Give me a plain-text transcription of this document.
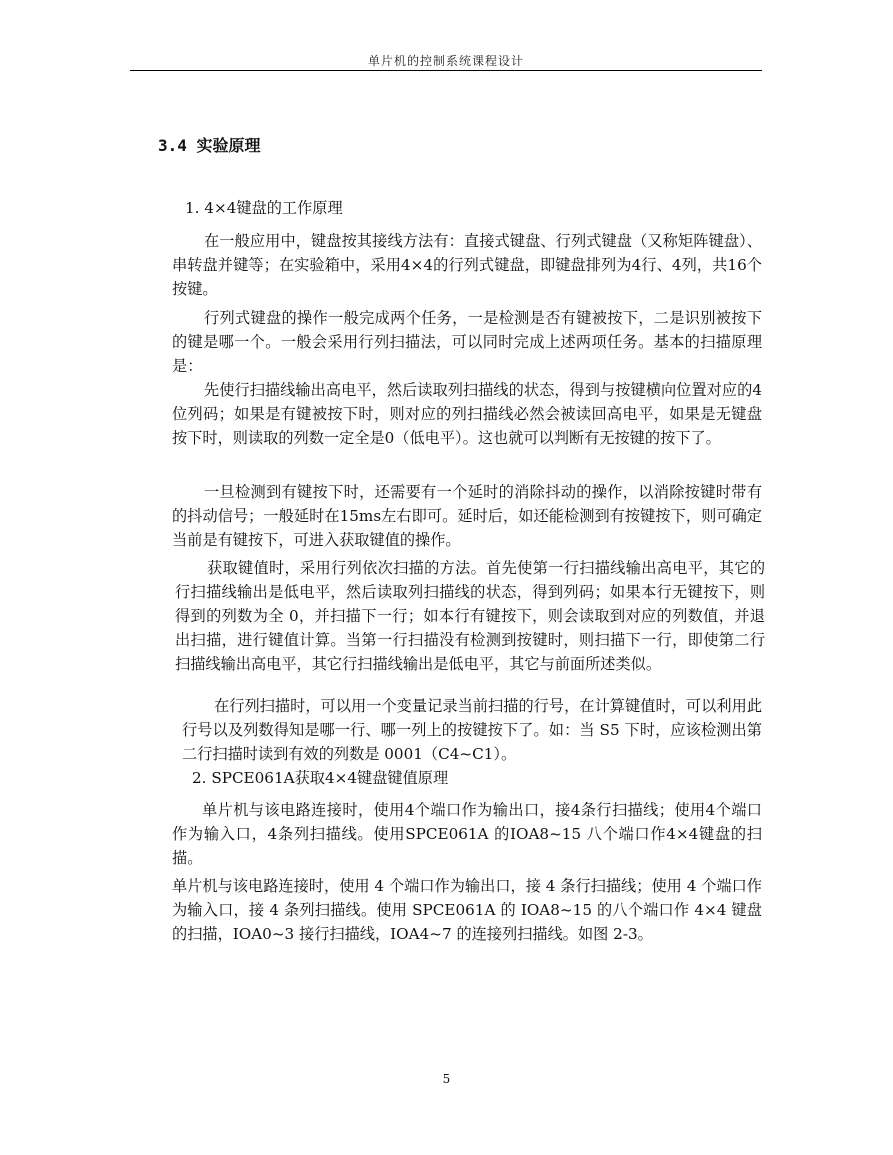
单片机的控制系统课程设计
3.4 实验原理
1. 4×4键盘的工作原理
在一般应用中，键盘按其接线方法有：直接式键盘、行列式键盘（又称矩阵键盘）、串转盘并键等；在实验箱中，采用4×4的行列式键盘，即键盘排列为4行、4列，共16个按键。
行列式键盘的操作一般完成两个任务，一是检测是否有键被按下，二是识别被按下的键是哪一个。一般会采用行列扫描法，可以同时完成上述两项任务。基本的扫描原理是：
先使行扫描线输出高电平，然后读取列扫描线的状态，得到与按键横向位置对应的4位列码；如果是有键被按下时，则对应的列扫描线必然会被读回高电平，如果是无键盘按下时，则读取的列数一定全是0（低电平）。这也就可以判断有无按键的按下了。
一旦检测到有键按下时，还需要有一个延时的消除抖动的操作，以消除按键时带有的抖动信号；一般延时在15ms左右即可。延时后，如还能检测到有按键按下，则可确定当前是有键按下，可进入获取键值的操作。
获取键值时，采用行列依次扫描的方法。首先使第一行扫描线输出高电平，其它的行扫描线输出是低电平，然后读取列扫描线的状态，得到列码；如果本行无键按下，则得到的列数为全 0，并扫描下一行；如本行有键按下，则会读取到对应的列数值，并退出扫描，进行键值计算。当第一行扫描没有检测到按键时，则扫描下一行，即使第二行扫描线输出高电平，其它行扫描线输出是低电平，其它与前面所述类似。
在行列扫描时，可以用一个变量记录当前扫描的行号，在计算键值时，可以利用此行号以及列数得知是哪一行、哪一列上的按键按下了。如：当 S5 下时，应该检测出第二行扫描时读到有效的列数是 0001（C4~C1）。
2. SPCE061A获取4×4键盘键值原理
单片机与该电路连接时，使用4个端口作为输出口，接4条行扫描线；使用4个端口作为输入口，4条列扫描线。使用SPCE061A 的IOA8~15 八个端口作4×4键盘的扫描。
单片机与该电路连接时，使用 4 个端口作为输出口，接 4 条行扫描线；使用 4 个端口作为输入口，接 4 条列扫描线。使用 SPCE061A 的 IOA8~15 的八个端口作 4×4 键盘的扫描，IOA0~3 接行扫描线，IOA4~7 的连接列扫描线。如图 2-3。
5
